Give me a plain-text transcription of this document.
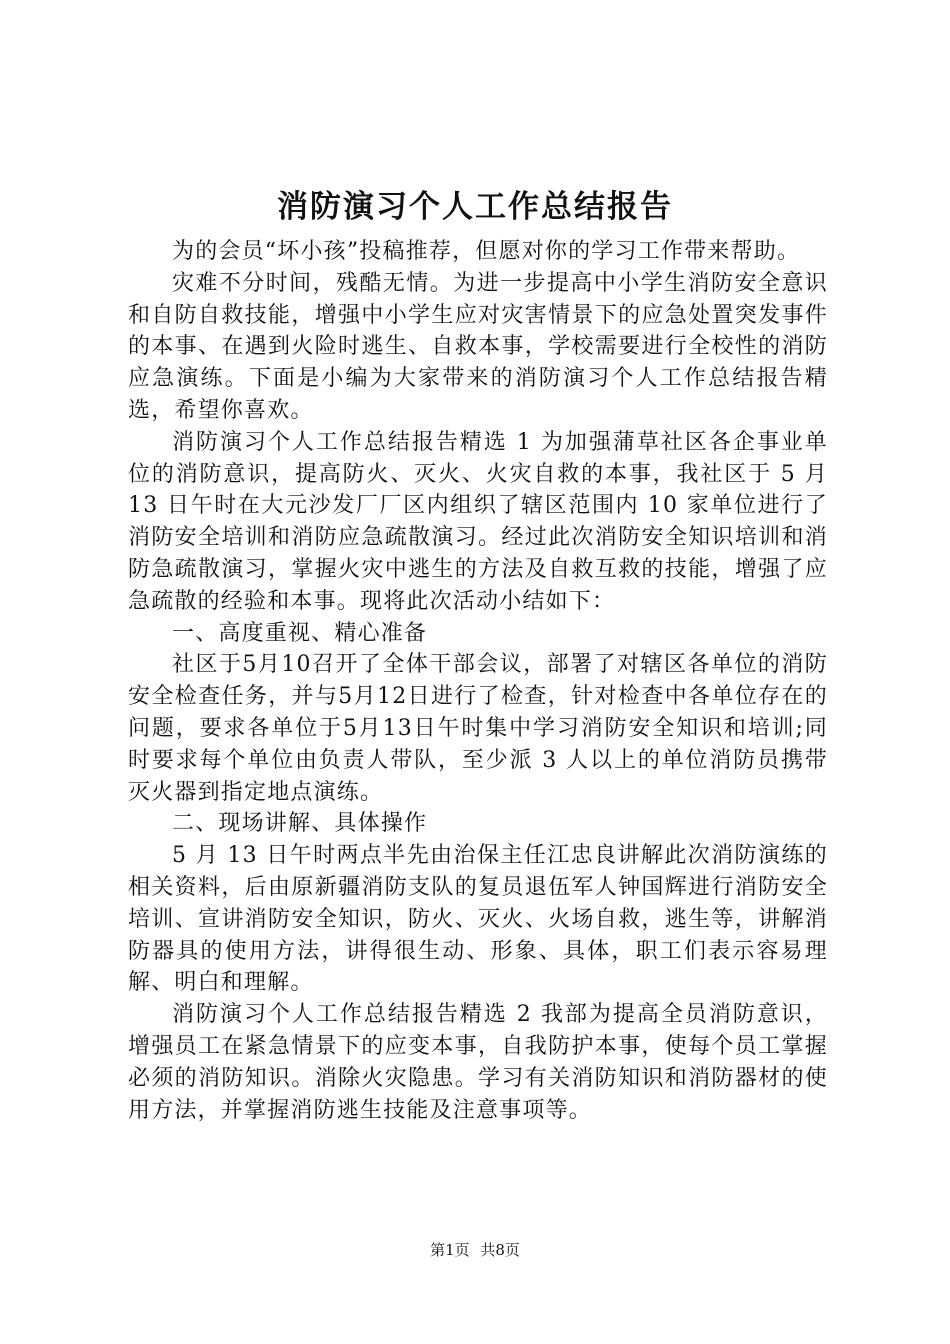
消防演习个人工作总结报告

为的会员“坏小孩”投稿推荐，但愿对你的学习工作带来帮助。

灾难不分时间，残酷无情。为进一步提高中小学生消防安全意识和自防自救技能，增强中小学生应对灾害情景下的应急处置突发事件的本事、在遇到火险时逃生、自救本事，学校需要进行全校性的消防应急演练。下面是小编为大家带来的消防演习个人工作总结报告精选，希望你喜欢。

消防演习个人工作总结报告精选 1 为加强蒲草社区各企事业单位的消防意识，提高防火、灭火、火灾自救的本事，我社区于 5 月 13 日午时在大元沙发厂厂区内组织了辖区范围内 10 家单位进行了消防安全培训和消防应急疏散演习。经过此次消防安全知识培训和消防急疏散演习，掌握火灾中逃生的方法及自救互救的技能，增强了应急疏散的经验和本事。现将此次活动小结如下：

一、高度重视、精心准备

社区于5月10召开了全体干部会议，部署了对辖区各单位的消防安全检查任务，并与5月12日进行了检查，针对检查中各单位存在的问题，要求各单位于5月13日午时集中学习消防安全知识和培训;同时要求每个单位由负责人带队，至少派 3 人以上的单位消防员携带灭火器到指定地点演练。

二、现场讲解、具体操作

5 月 13 日午时两点半先由治保主任江忠良讲解此次消防演练的相关资料，后由原新疆消防支队的复员退伍军人钟国辉进行消防安全培训、宣讲消防安全知识，防火、灭火、火场自救，逃生等，讲解消防器具的使用方法，讲得很生动、形象、具体，职工们表示容易理解、明白和理解。

消防演习个人工作总结报告精选 2 我部为提高全员消防意识，增强员工在紧急情景下的应变本事，自我防护本事，使每个员工掌握必须的消防知识。消除火灾隐患。学习有关消防知识和消防器材的使用方法，并掌握消防逃生技能及注意事项等。

第1页 共8页
